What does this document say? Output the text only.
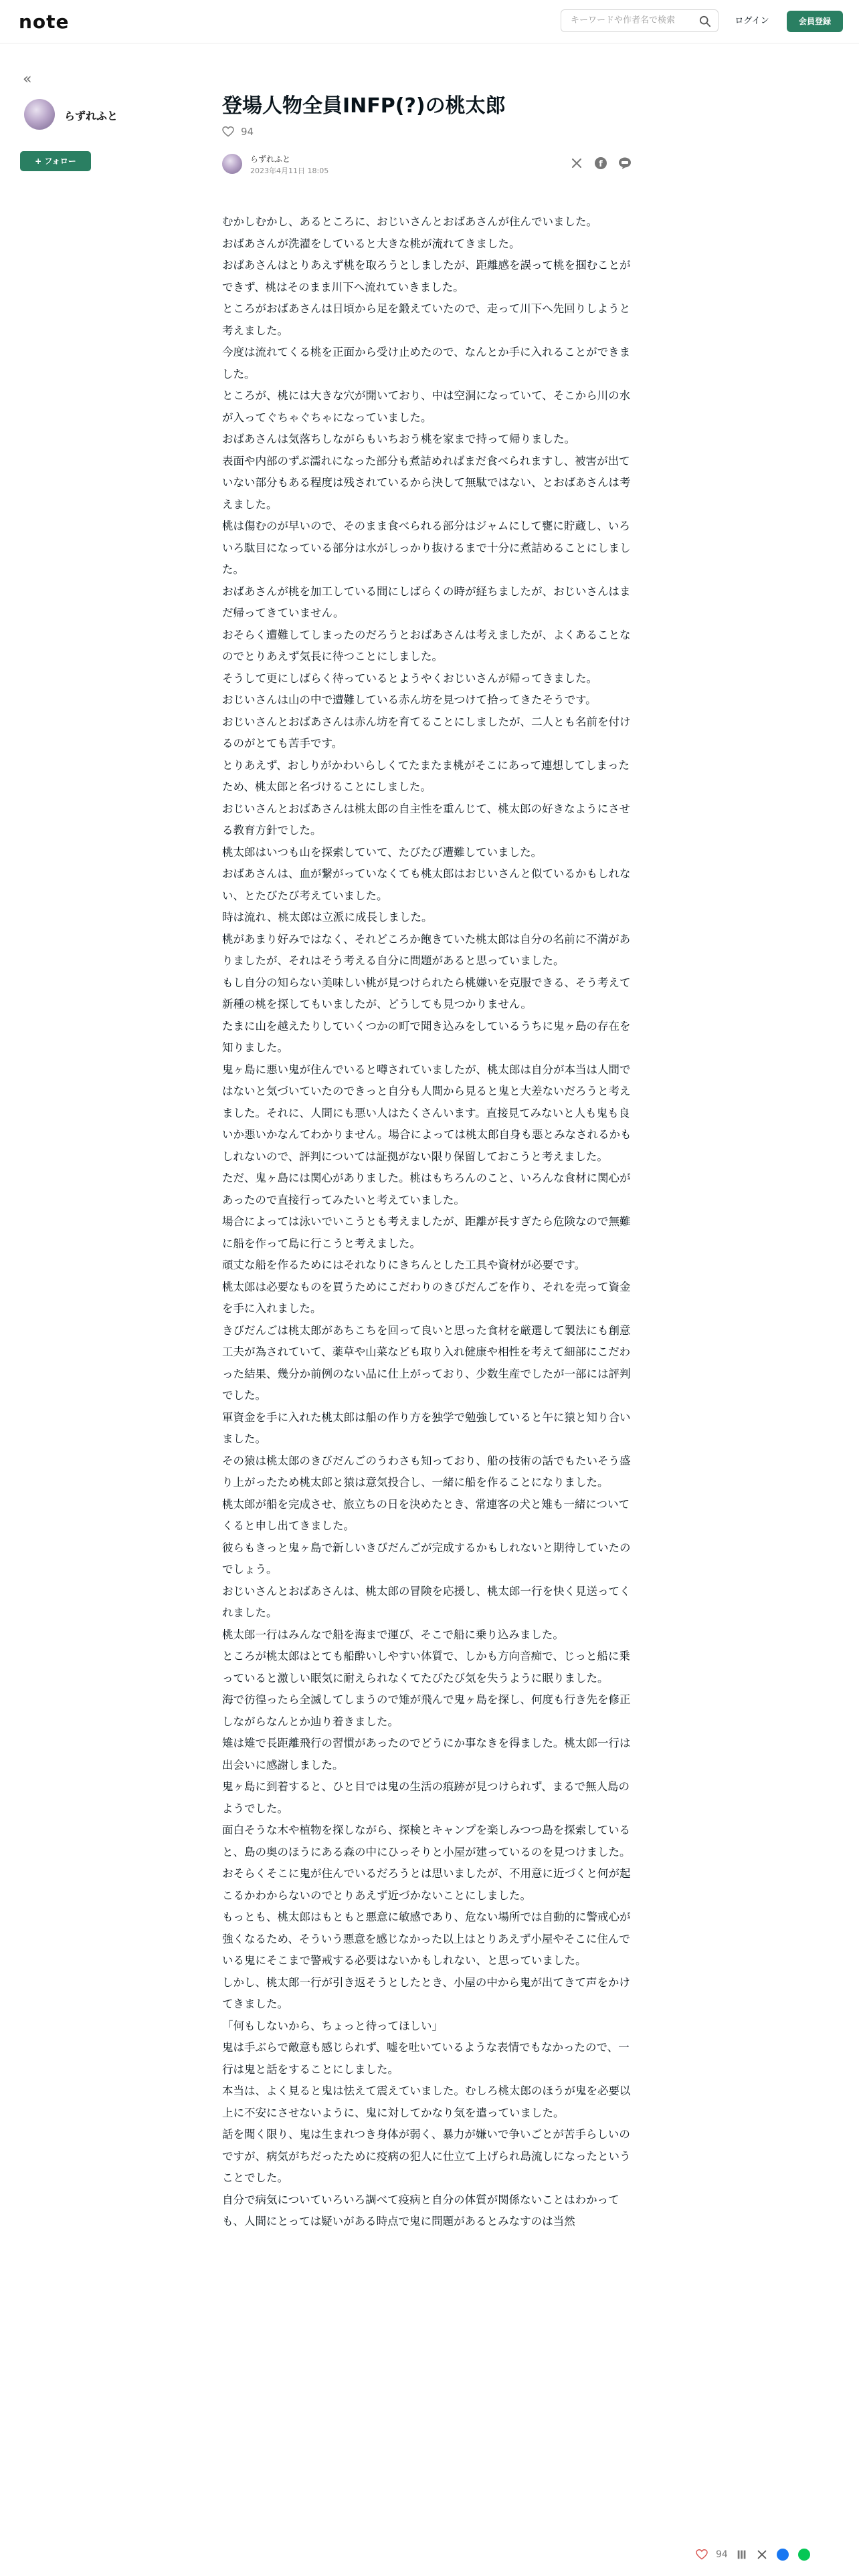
note
キーワードや作者名で検索	ログイン	会員登録
«
らずれふと
+ フォロー
登場人物全員INFP(?)の桃太郎
94
らずれふと
2023年4月11日 18:05
f

むかしむかし、あるところに、おじいさんとおばあさんが住んでいました。

おばあさんが洗濯をしていると大きな桃が流れてきました。

おばあさんはとりあえず桃を取ろうとしましたが、距離感を誤って桃を掴むことができず、桃はそのまま川下へ流れていきました。

ところがおばあさんは日頃から足を鍛えていたので、走って川下へ先回りしようと考えました。

今度は流れてくる桃を正面から受け止めたので、なんとか手に入れることができました。

ところが、桃には大きな穴が開いており、中は空洞になっていて、そこから川の水が入ってぐちゃぐちゃになっていました。

おばあさんは気落ちしながらもいちおう桃を家まで持って帰りました。

表面や内部のずぶ濡れになった部分も煮詰めればまだ食べられますし、被害が出ていない部分もある程度は残されているから決して無駄ではない、とおばあさんは考えました。

桃は傷むのが早いので、そのまま食べられる部分はジャムにして甕に貯蔵し、いろいろ駄目になっている部分は水がしっかり抜けるまで十分に煮詰めることにしました。

おばあさんが桃を加工している間にしばらくの時が経ちましたが、おじいさんはまだ帰ってきていません。

おそらく遭難してしまったのだろうとおばあさんは考えましたが、よくあることなのでとりあえず気長に待つことにしました。

そうして更にしばらく待っているとようやくおじいさんが帰ってきました。

おじいさんは山の中で遭難している赤ん坊を見つけて拾ってきたそうです。

おじいさんとおばあさんは赤ん坊を育てることにしましたが、二人とも名前を付けるのがとても苦手です。

とりあえず、おしりがかわいらしくてたまたま桃がそこにあって連想してしまったため、桃太郎と名づけることにしました。

おじいさんとおばあさんは桃太郎の自主性を重んじて、桃太郎の好きなようにさせる教育方針でした。

桃太郎はいつも山を探索していて、たびたび遭難していました。

おばあさんは、血が繋がっていなくても桃太郎はおじいさんと似ているかもしれない、とたびたび考えていました。

時は流れ、桃太郎は立派に成長しました。

桃があまり好みではなく、それどころか飽きていた桃太郎は自分の名前に不満がありましたが、それはそう考える自分に問題があると思っていました。

もし自分の知らない美味しい桃が見つけられたら桃嫌いを克服できる、そう考えて新種の桃を探してもいましたが、どうしても見つかりません。

たまに山を越えたりしていくつかの町で聞き込みをしているうちに鬼ヶ島の存在を知りました。

鬼ヶ島に悪い鬼が住んでいると噂されていましたが、桃太郎は自分が本当は人間ではないと気づいていたのできっと自分も人間から見ると鬼と大差ないだろうと考えました。それに、人間にも悪い人はたくさんいます。直接見てみないと人も鬼も良いか悪いかなんてわかりません。場合によっては桃太郎自身も悪とみなされるかもしれないので、評判については証拠がない限り保留しておこうと考えました。

ただ、鬼ヶ島には関心がありました。桃はもちろんのこと、いろんな食材に関心があったので直接行ってみたいと考えていました。

場合によっては泳いでいこうとも考えましたが、距離が長すぎたら危険なので無難に船を作って島に行こうと考えました。

頑丈な船を作るためにはそれなりにきちんとした工具や資材が必要です。

桃太郎は必要なものを買うためにこだわりのきびだんごを作り、それを売って資金を手に入れました。

きびだんごは桃太郎があちこちを回って良いと思った食材を厳選して製法にも創意工夫が為されていて、薬草や山菜なども取り入れ健康や相性を考えて細部にこだわった結果、幾分か前例のない品に仕上がっており、少数生産でしたが一部には評判でした。

軍資金を手に入れた桃太郎は船の作り方を独学で勉強していると午に猿と知り合いました。

その猿は桃太郎のきびだんごのうわさも知っており、船の技術の話でもたいそう盛り上がったため桃太郎と猿は意気投合し、一緒に船を作ることになりました。

桃太郎が船を完成させ、旅立ちの日を決めたとき、常連客の犬と雉も一緒についてくると申し出てきました。

彼らもきっと鬼ヶ島で新しいきびだんごが完成するかもしれないと期待していたのでしょう。

おじいさんとおばあさんは、桃太郎の冒険を応援し、桃太郎一行を快く見送ってくれました。

桃太郎一行はみんなで船を海まで運び、そこで船に乗り込みました。

ところが桃太郎はとても船酔いしやすい体質で、しかも方向音痴で、じっと船に乗っていると激しい眠気に耐えられなくてたびたび気を失うように眠りました。

海で彷徨ったら全滅してしまうので雉が飛んで鬼ヶ島を探し、何度も行き先を修正しながらなんとか辿り着きました。

雉は雉で長距離飛行の習慣があったのでどうにか事なきを得ました。桃太郎一行は出会いに感謝しました。

鬼ヶ島に到着すると、ひと目では鬼の生活の痕跡が見つけられず、まるで無人島のようでした。

面白そうな木や植物を探しながら、探検とキャンプを楽しみつつ島を探索していると、島の奥のほうにある森の中にひっそりと小屋が建っているのを見つけました。

おそらくそこに鬼が住んでいるだろうとは思いましたが、不用意に近づくと何が起こるかわからないのでとりあえず近づかないことにしました。

もっとも、桃太郎はもともと悪意に敏感であり、危ない場所では自動的に警戒心が強くなるため、そういう悪意を感じなかった以上はとりあえず小屋やそこに住んでいる鬼にそこまで警戒する必要はないかもしれない、と思っていました。

しかし、桃太郎一行が引き返そうとしたとき、小屋の中から鬼が出てきて声をかけてきました。

「何もしないから、ちょっと待ってほしい」

鬼は手ぶらで敵意も感じられず、嘘を吐いているような表情でもなかったので、一行は鬼と話をすることにしました。

本当は、よく見ると鬼は怯えて震えていました。むしろ桃太郎のほうが鬼を必要以上に不安にさせないように、鬼に対してかなり気を遣っていました。

話を聞く限り、鬼は生まれつき身体が弱く、暴力が嫌いで争いごとが苦手らしいのですが、病気がちだったために疫病の犯人に仕立て上げられ島流しになったということでした。

自分で病気についていろいろ調べて疫病と自分の体質が関係ないことはわかっても、人間にとっては疑いがある時点で鬼に問題があるとみなすのは当然

94
